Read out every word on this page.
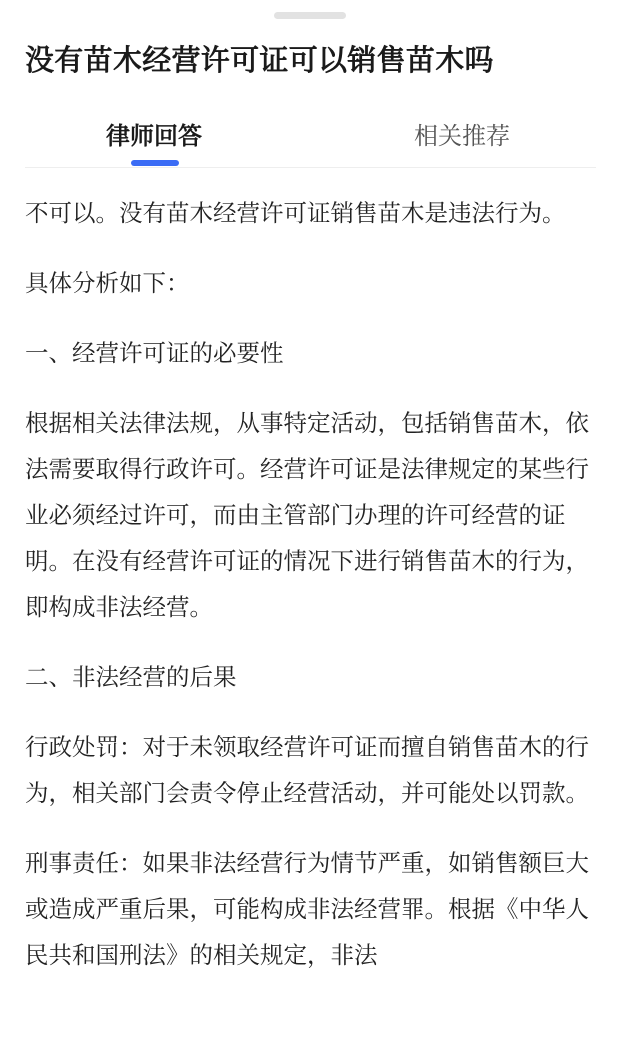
没有苗木经营许可证可以销售苗木吗
律师回答	相关推荐

不可以。没有苗木经营许可证销售苗木是违法行为。

具体分析如下：

一、经营许可证的必要性

根据相关法律法规，从事特定活动，包括销售苗木，依法需要取得行政许可。经营许可证是法律规定的某些行业必须经过许可，而由主管部门办理的许可经营的证明。在没有经营许可证的情况下进行销售苗木的行为，即构成非法经营。

二、非法经营的后果

行政处罚：对于未领取经营许可证而擅自销售苗木的行为，相关部门会责令停止经营活动，并可能处以罚款。

刑事责任：如果非法经营行为情节严重，如销售额巨大或造成严重后果，可能构成非法经营罪。根据《中华人民共和国刑法》的相关规定，非法
